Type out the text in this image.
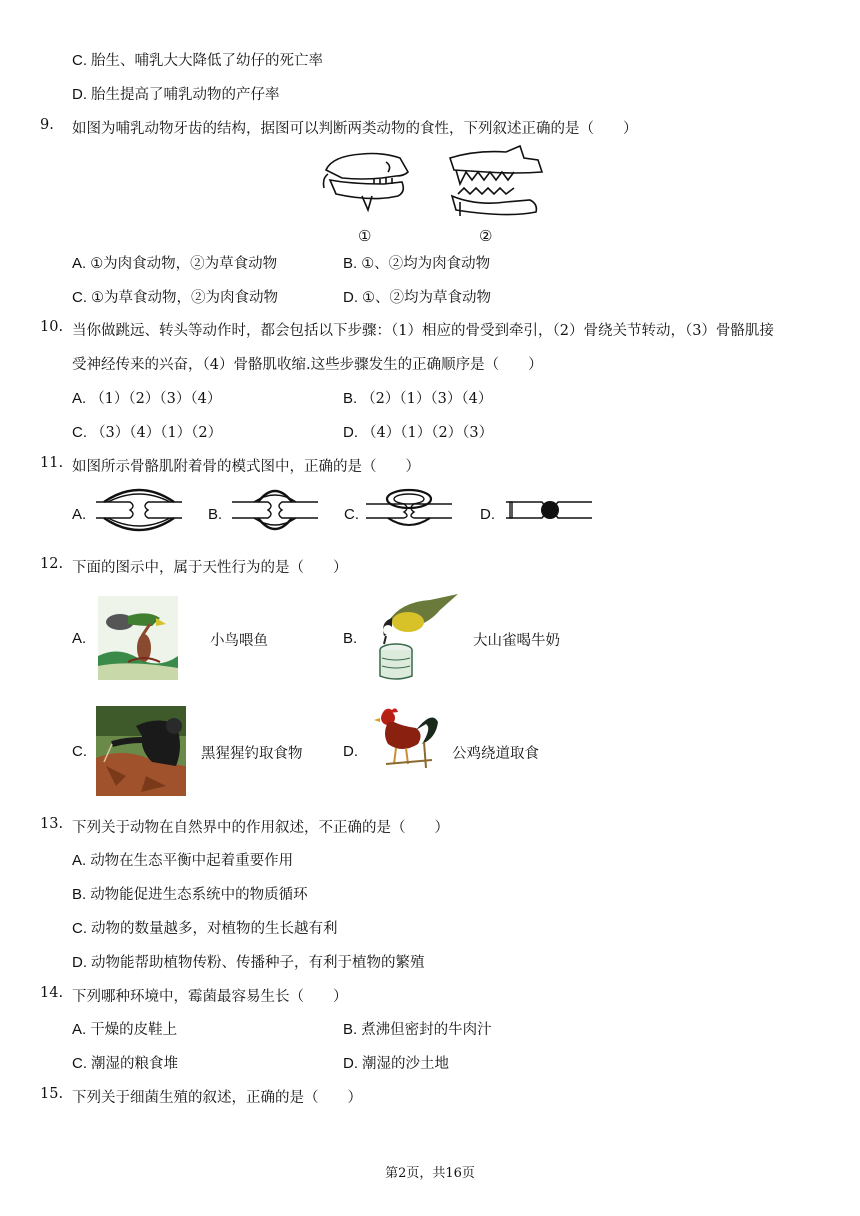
C. 胎生、哺乳大大降低了幼仔的死亡率
D. 胎生提高了哺乳动物的产仔率
9. 如图为哺乳动物牙齿的结构，据图可以判断两类动物的食性，下列叙述正确的是（　　）
①	②
A. ①为肉食动物，②为草食动物	B. ①、②均为肉食动物
C. ①为草食动物，②为肉食动物	D. ①、②均为草食动物
10. 当你做跳远、转头等动作时，都会包括以下步骤：（1）相应的骨受到牵引，（2）骨绕关节转动，（3）骨骼肌接
受神经传来的兴奋，（4）骨骼肌收缩.这些步骤发生的正确顺序是（　　）
A. （1）（2）（3）（4）	B. （2）（1）（3）（4）
C. （3）（4）（1）（2）	D. （4）（1）（2）（3）
11. 如图所示骨骼肌附着骨的模式图中，正确的是（　　）
A.	B.	C.	D.
12. 下面的图示中，属于天性行为的是（　　）
A.	小鸟喂鱼	B.	大山雀喝牛奶
C.	黑猩猩钓取食物	D.	公鸡绕道取食
13. 下列关于动物在自然界中的作用叙述，不正确的是（　　）
A. 动物在生态平衡中起着重要作用
B. 动物能促进生态系统中的物质循环
C. 动物的数量越多，对植物的生长越有利
D. 动物能帮助植物传粉、传播种子，有利于植物的繁殖
14. 下列哪种环境中，霉菌最容易生长（　　）
A. 干燥的皮鞋上	B. 煮沸但密封的牛肉汁
C. 潮湿的粮食堆	D. 潮湿的沙土地
15. 下列关于细菌生殖的叙述，正确的是（　　）
第2页，共16页
